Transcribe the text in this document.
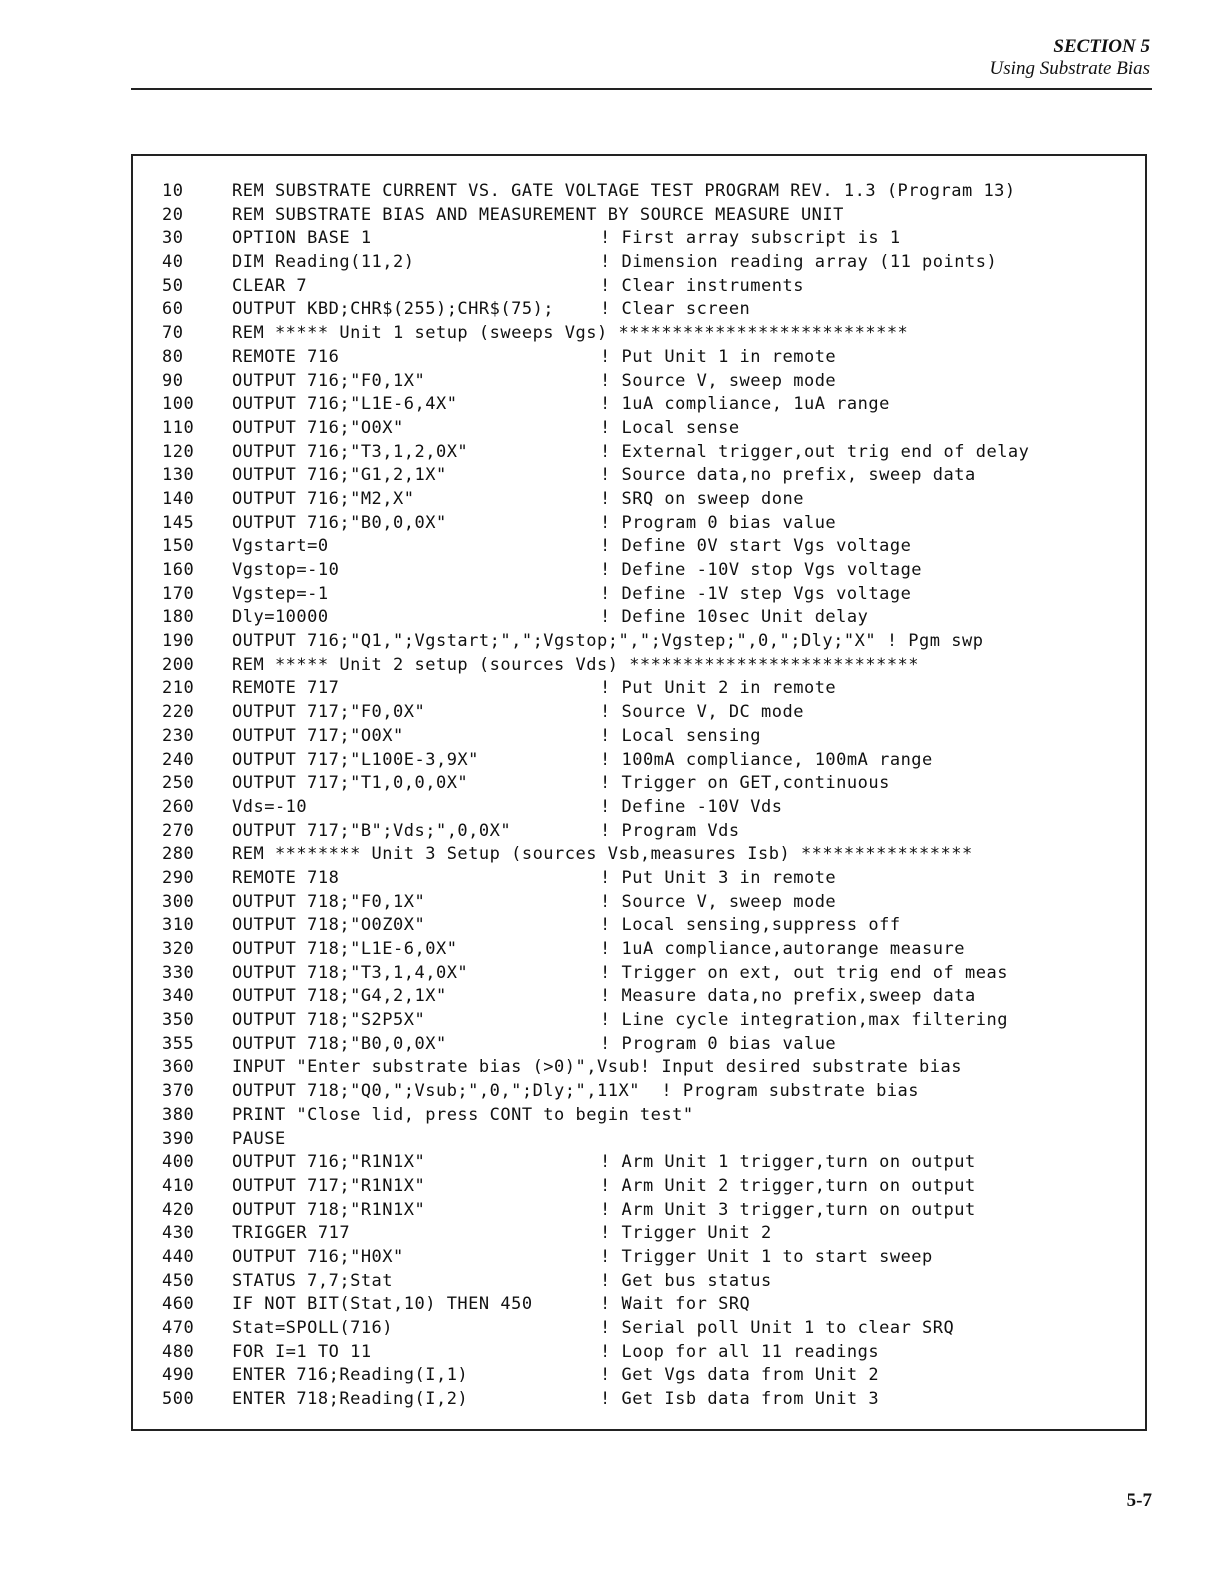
SECTION 5
Using Substrate Bias
10	REM SUBSTRATE CURRENT VS. GATE VOLTAGE TEST PROGRAM REV. 1.3 (Program 13)
20	REM SUBSTRATE BIAS AND MEASUREMENT BY SOURCE MEASURE UNIT
30	OPTION BASE 1	! First array subscript is 1
40	DIM Reading(11,2)	! Dimension reading array (11 points)
50	CLEAR 7	! Clear instruments
60	OUTPUT KBD;CHR$(255);CHR$(75);	! Clear screen
70	REM ***** Unit 1 setup (sweeps Vgs) ***************************
80	REMOTE 716	! Put Unit 1 in remote
90	OUTPUT 716;"F0,1X"	! Source V, sweep mode
100 OUTPUT 716;"L1E-6,4X"	! 1uA compliance, 1uA range
110 OUTPUT 716;"O0X"	! Local sense
120 OUTPUT 716;"T3,1,2,0X"	! External trigger,out trig end of delay
130 OUTPUT 716;"G1,2,1X"	! Source data,no prefix, sweep data
140 OUTPUT 716;"M2,X"	! SRQ on sweep done
145 OUTPUT 716;"B0,0,0X"	! Program 0 bias value
150 Vgstart=0	! Define 0V start Vgs voltage
160 Vgstop=-10	! Define -10V stop Vgs voltage
170 Vgstep=-1	! Define -1V step Vgs voltage
180 Dly=10000	! Define 10sec Unit delay
190 OUTPUT 716;"Q1,";Vgstart;",";Vgstop;",";Vgstep;",0,";Dly;"X" ! Pgm swp
200 REM ***** Unit 2 setup (sources Vds) ***************************
210 REMOTE 717	! Put Unit 2 in remote
220 OUTPUT 717;"F0,0X"	! Source V, DC mode
230 OUTPUT 717;"O0X"	! Local sensing
240 OUTPUT 717;"L100E-3,9X"	! 100mA compliance, 100mA range
250 OUTPUT 717;"T1,0,0,0X"	! Trigger on GET,continuous
260 Vds=-10	! Define -10V Vds
270 OUTPUT 717;"B";Vds;",0,0X"	! Program Vds
280 REM ******** Unit 3 Setup (sources Vsb,measures Isb) ****************
290 REMOTE 718	! Put Unit 3 in remote
300 OUTPUT 718;"F0,1X"	! Source V, sweep mode
310 OUTPUT 718;"O0Z0X"	! Local sensing,suppress off
320 OUTPUT 718;"L1E-6,0X"	! 1uA compliance,autorange measure
330 OUTPUT 718;"T3,1,4,0X"	! Trigger on ext, out trig end of meas
340 OUTPUT 718;"G4,2,1X"	! Measure data,no prefix,sweep data
350 OUTPUT 718;"S2P5X"	! Line cycle integration,max filtering
355 OUTPUT 718;"B0,0,0X"	! Program 0 bias value
360 INPUT "Enter substrate bias (>0)",Vsub! Input desired substrate bias
370 OUTPUT 718;"Q0,";Vsub;",0,";Dly;",11X"  ! Program substrate bias
380 PRINT "Close lid, press CONT to begin test"
390 PAUSE
400 OUTPUT 716;"R1N1X"	! Arm Unit 1 trigger,turn on output
410 OUTPUT 717;"R1N1X"	! Arm Unit 2 trigger,turn on output
420 OUTPUT 718;"R1N1X"	! Arm Unit 3 trigger,turn on output
430 TRIGGER 717	! Trigger Unit 2
440 OUTPUT 716;"H0X"	! Trigger Unit 1 to start sweep
450 STATUS 7,7;Stat	! Get bus status
460 IF NOT BIT(Stat,10) THEN 450	! Wait for SRQ
470 Stat=SPOLL(716)	! Serial poll Unit 1 to clear SRQ
480 FOR I=1 TO 11	! Loop for all 11 readings
490 ENTER 716;Reading(I,1)	! Get Vgs data from Unit 2
500 ENTER 718;Reading(I,2)	! Get Isb data from Unit 3
5-7
